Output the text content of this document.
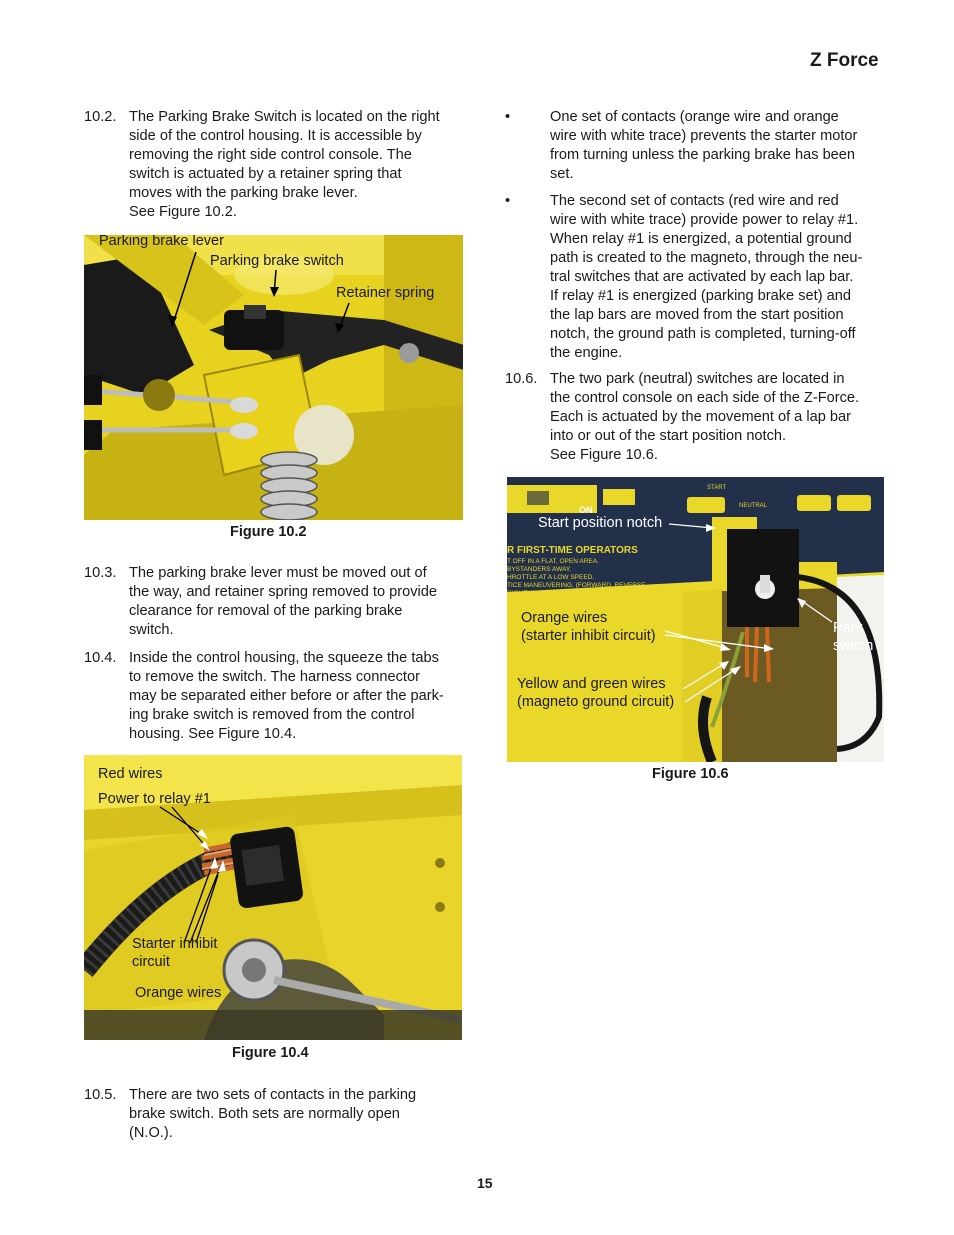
Z Force
10.2. The Parking Brake Switch is located on the right
side of the control housing. It is accessible by
removing the right side control console. The
switch is actuated by a retainer spring that
moves with the parking brake lever.
See Figure 10.2.
Parking brake lever
Parking brake switch
Retainer spring
Figure 10.2
10.3. The parking brake lever must be moved out of
the way, and retainer spring removed to provide
clearance for removal of the parking brake
switch.
10.4. Inside the control housing, the squeeze the tabs
to remove the switch. The harness connector
may be separated either before or after the park-
ing brake switch is removed from the control
housing. See Figure 10.4.
Red wires
Power to relay #1
Starter inhibit
circuit
Orange wires
Figure 10.4
10.5. There are two sets of contacts in the parking
brake switch. Both sets are normally open
(N.O.).
•	One set of contacts (orange wire and orange
wire with white trace) prevents the starter motor
from turning unless the parking brake has been
set.
•	The second set of contacts (red wire and red
wire with white trace) provide power to relay #1.
When relay #1 is energized, a potential ground
path is created to the magneto, through the neu-
tral switches that are activated by each lap bar.
If relay #1 is energized (parking brake set) and
the lap bars are moved from the start position
notch, the ground path is completed, turning-off
the engine.
10.6. The two park (neutral) switches are located in
the control console on each side of the Z-Force.
Each is actuated by the movement of a lap bar
into or out of the start position notch.
See Figure 10.6.
START
NEUTRAL
ON
R FIRST-TIME OPERATORS
T OFF IN A FLAT, OPEN AREA.
BYSTANDERS AWAY.
HROTTLE AT A LOW SPEED.
TICE MANEUVERING. (FORWARD, REVERSE,
RIGHT) WITHOUT DECK ENGAGED.
Start position notch
Orange wires
(starter inhibit circuit)
Yellow and green wires
(magneto ground circuit)
Park
switch
Figure 10.6
15
